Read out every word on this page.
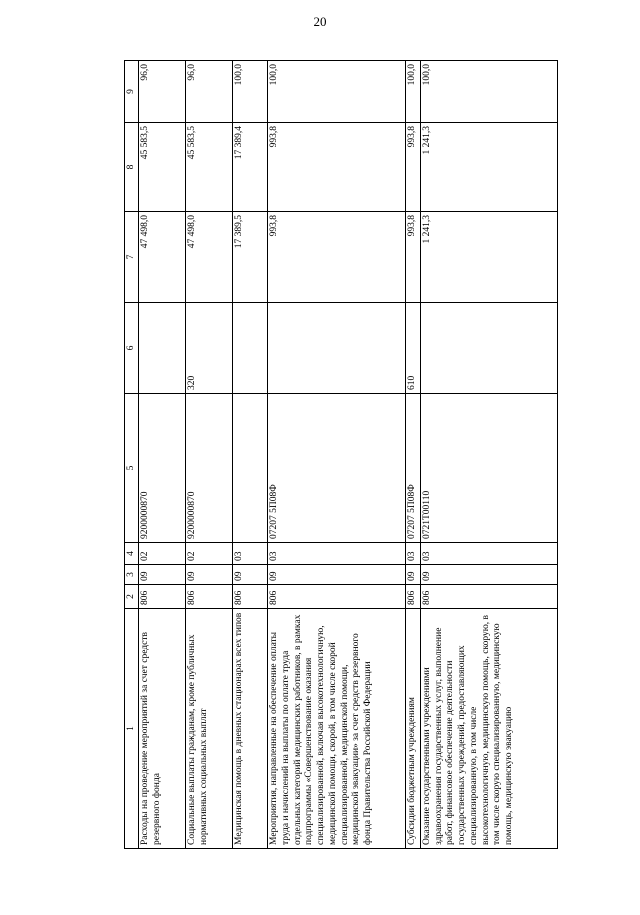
20
1	2	3	4	5	6	7	8	9
Расходы на проведение мероприятий за счет средств резервного фонда	806	09	02	9200000870		47 498,0	45 583,5	96,0
Социальные выплаты гражданам, кроме публичных нормативных социальных выплат	806	09	02	9200000870	320	47 498,0	45 583,5	96,0
Медицинская помощь в дневных стационарах всех типов	806	09	03			17 389,5	17 389,4	100,0
Мероприятия, направленные на обеспечение оплаты труда и начислений на выплаты по оплате труда отдельных категорий медицинских работников, в рамках подпрограммы «Совершенствование оказания специализированной, включая высокотехнологичную, медицинской помощи, скорой, в том числе скорой специализированной, медицинской помощи, медицинской эвакуации» за счет средств резервного фонда Правительства Российской Федерации	806	09	03	07207 5П08Ф		993,8	993,8	100,0
Субсидии бюджетным учреждениям	806	09	03	07207 5П08Ф	610	993,8	993,8	100,0
Оказание государственными учреждениями здравоохранения государственных услуг, выполнение работ, финансовое обеспечение деятельности государственных учреждений, предоставляющих специализированную, в том числе высокотехнологичную, медицинскую помощь, скорую, в том числе скорую специализированную, медицинскую помощь, медицинскую эвакуацию	806	09	03	0721Т00110		1 241,3	1 241,3	100,0
